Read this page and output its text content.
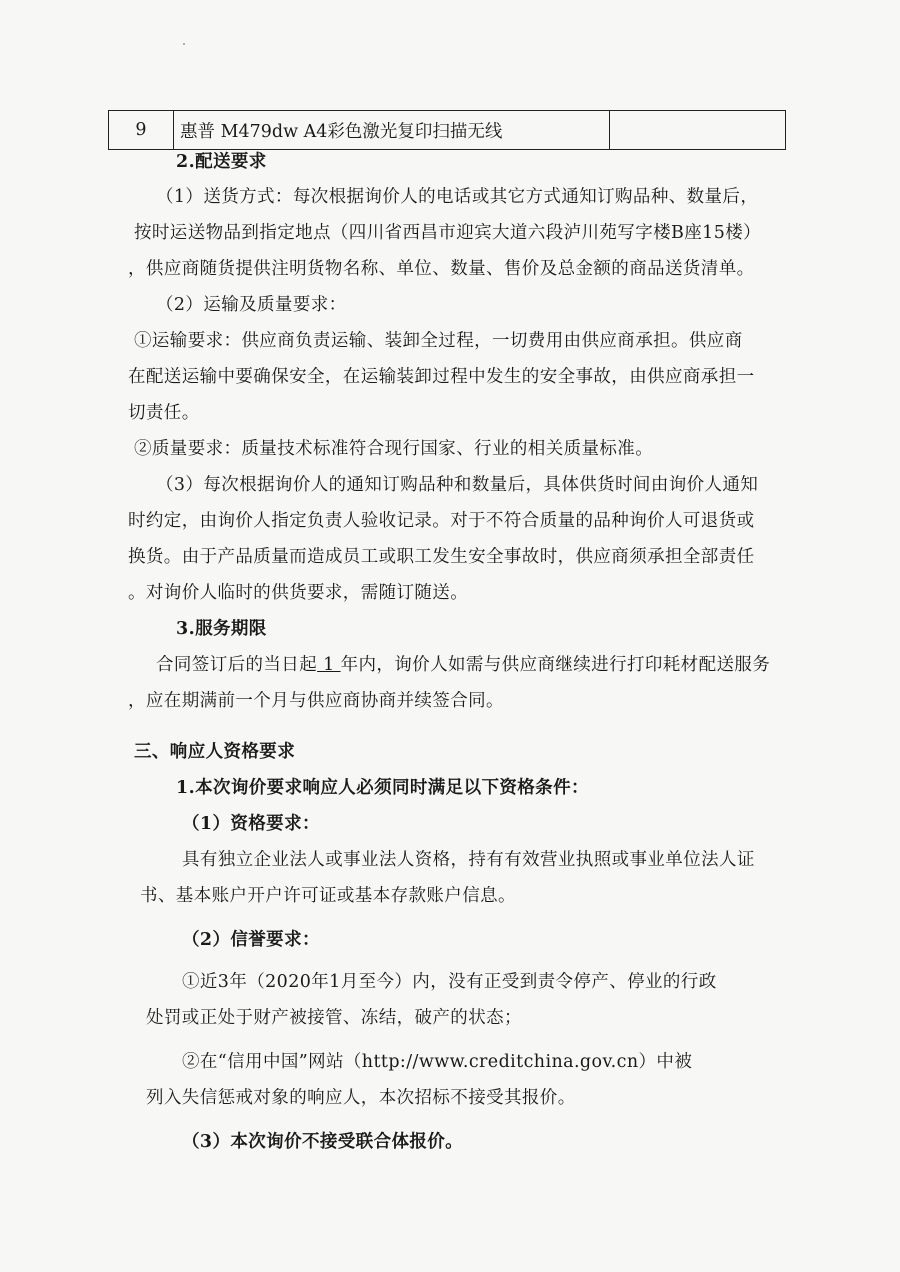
9	惠普 M479dw A4彩色激光复印扫描无线	
2.配送要求
（1）送货方式：每次根据询价人的电话或其它方式通知订购品种、数量后，
按时运送物品到指定地点（四川省西昌市迎宾大道六段泸川苑写字楼B座15楼）
，供应商随货提供注明货物名称、单位、数量、售价及总金额的商品送货清单。
（2）运输及质量要求：
①运输要求：供应商负责运输、装卸全过程，一切费用由供应商承担。供应商
在配送运输中要确保安全，在运输装卸过程中发生的安全事故，由供应商承担一
切责任。
②质量要求：质量技术标准符合现行国家、行业的相关质量标准。
（3）每次根据询价人的通知订购品种和数量后，具体供货时间由询价人通知
时约定，由询价人指定负责人验收记录。对于不符合质量的品种询价人可退货或
换货。由于产品质量而造成员工或职工发生安全事故时，供应商须承担全部责任
。对询价人临时的供货要求，需随订随送。
3.服务期限
合同签订后的当日起 1 年内，询价人如需与供应商继续进行打印耗材配送服务
，应在期满前一个月与供应商协商并续签合同。
三、响应人资格要求
1.本次询价要求响应人必须同时满足以下资格条件：
（1）资格要求：
具有独立企业法人或事业法人资格，持有有效营业执照或事业单位法人证
书、基本账户开户许可证或基本存款账户信息。
（2）信誉要求：
①近3年（2020年1月至今）内，没有正受到责令停产、停业的行政
处罚或正处于财产被接管、冻结，破产的状态；
②在“信用中国”网站（http://www.creditchina.gov.cn）中被
列入失信惩戒对象的响应人，本次招标不接受其报价。
（3）本次询价不接受联合体报价。
